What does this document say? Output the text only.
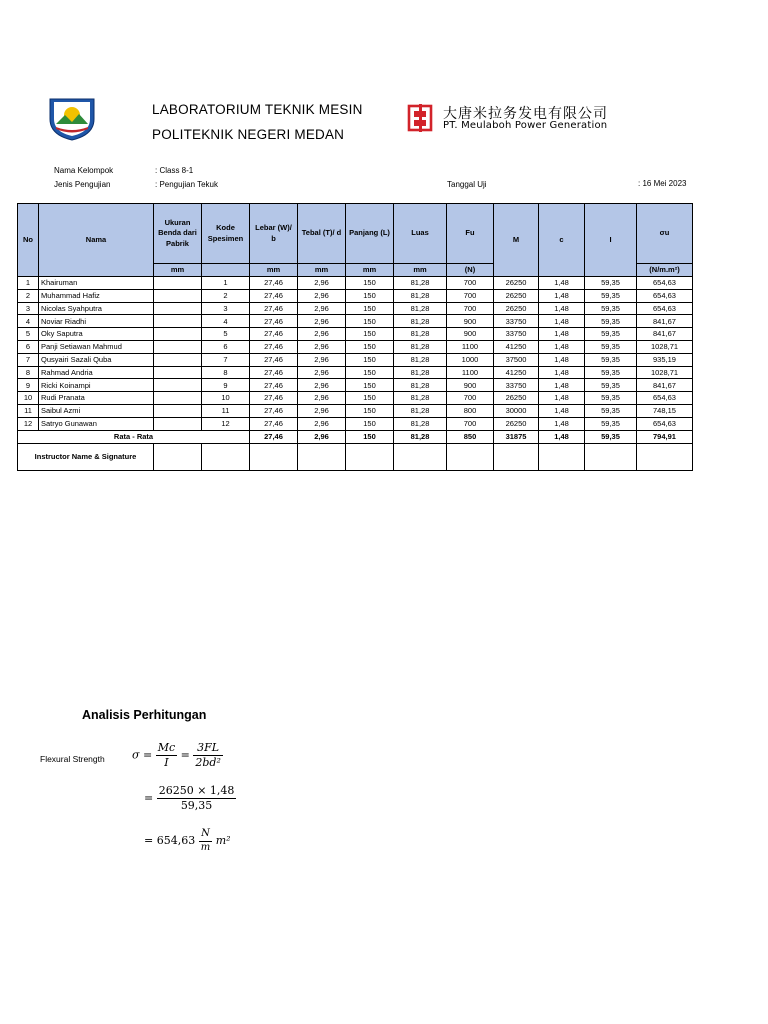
LABORATORIUM TEKNIK MESIN
POLITEKNIK NEGERI MEDAN
大唐米拉务发电有限公司
PT. Meulaboh Power Generation
Nama Kelompok	: Class 8-1
Jenis Pengujian	: Pengujian Tekuk	Tanggal Uji	: 16 Mei 2023
No	Nama	Ukuran Benda dari Pabrik	Kode Spesimen	Lebar (W)/ b	Tebal (T)/ d	Panjang (L)	Luas	Fu	M	c	I	σu
		mm		mm	mm	mm	mm	(N)				(N/m.m²)
1	Khairuman		1	27,46	2,96	150	81,28	700	26250	1,48	59,35	654,63
2	Muhammad Hafiz		2	27,46	2,96	150	81,28	700	26250	1,48	59,35	654,63
3	Nicolas Syahputra		3	27,46	2,96	150	81,28	700	26250	1,48	59,35	654,63
4	Noviar Riadhi		4	27,46	2,96	150	81,28	900	33750	1,48	59,35	841,67
5	Oky Saputra		5	27,46	2,96	150	81,28	900	33750	1,48	59,35	841,67
6	Panji Setiawan Mahmud		6	27,46	2,96	150	81,28	1100	41250	1,48	59,35	1028,71
7	Qusyairi Sazali Quba		7	27,46	2,96	150	81,28	1000	37500	1,48	59,35	935,19
8	Rahmad Andria		8	27,46	2,96	150	81,28	1100	41250	1,48	59,35	1028,71
9	Ricki Koinampi		9	27,46	2,96	150	81,28	900	33750	1,48	59,35	841,67
10	Rudi Pranata		10	27,46	2,96	150	81,28	700	26250	1,48	59,35	654,63
11	Saibul Azmi		11	27,46	2,96	150	81,28	800	30000	1,48	59,35	748,15
12	Satryo Gunawan		12	27,46	2,96	150	81,28	700	26250	1,48	59,35	654,63
Rata - Rata				27,46	2,96	150	81,28	850	31875	1,48	59,35	794,91
Instructor Name & Signature												
Analisis Perhitungan
Flexural Strength $\sigma = \frac{Mc}{I} = \frac{3FL}{\text{2bd²}}$
= $\frac{26250 \times 1,48}{59,35}$
= $654,63 \frac{N}{m} m^2$
